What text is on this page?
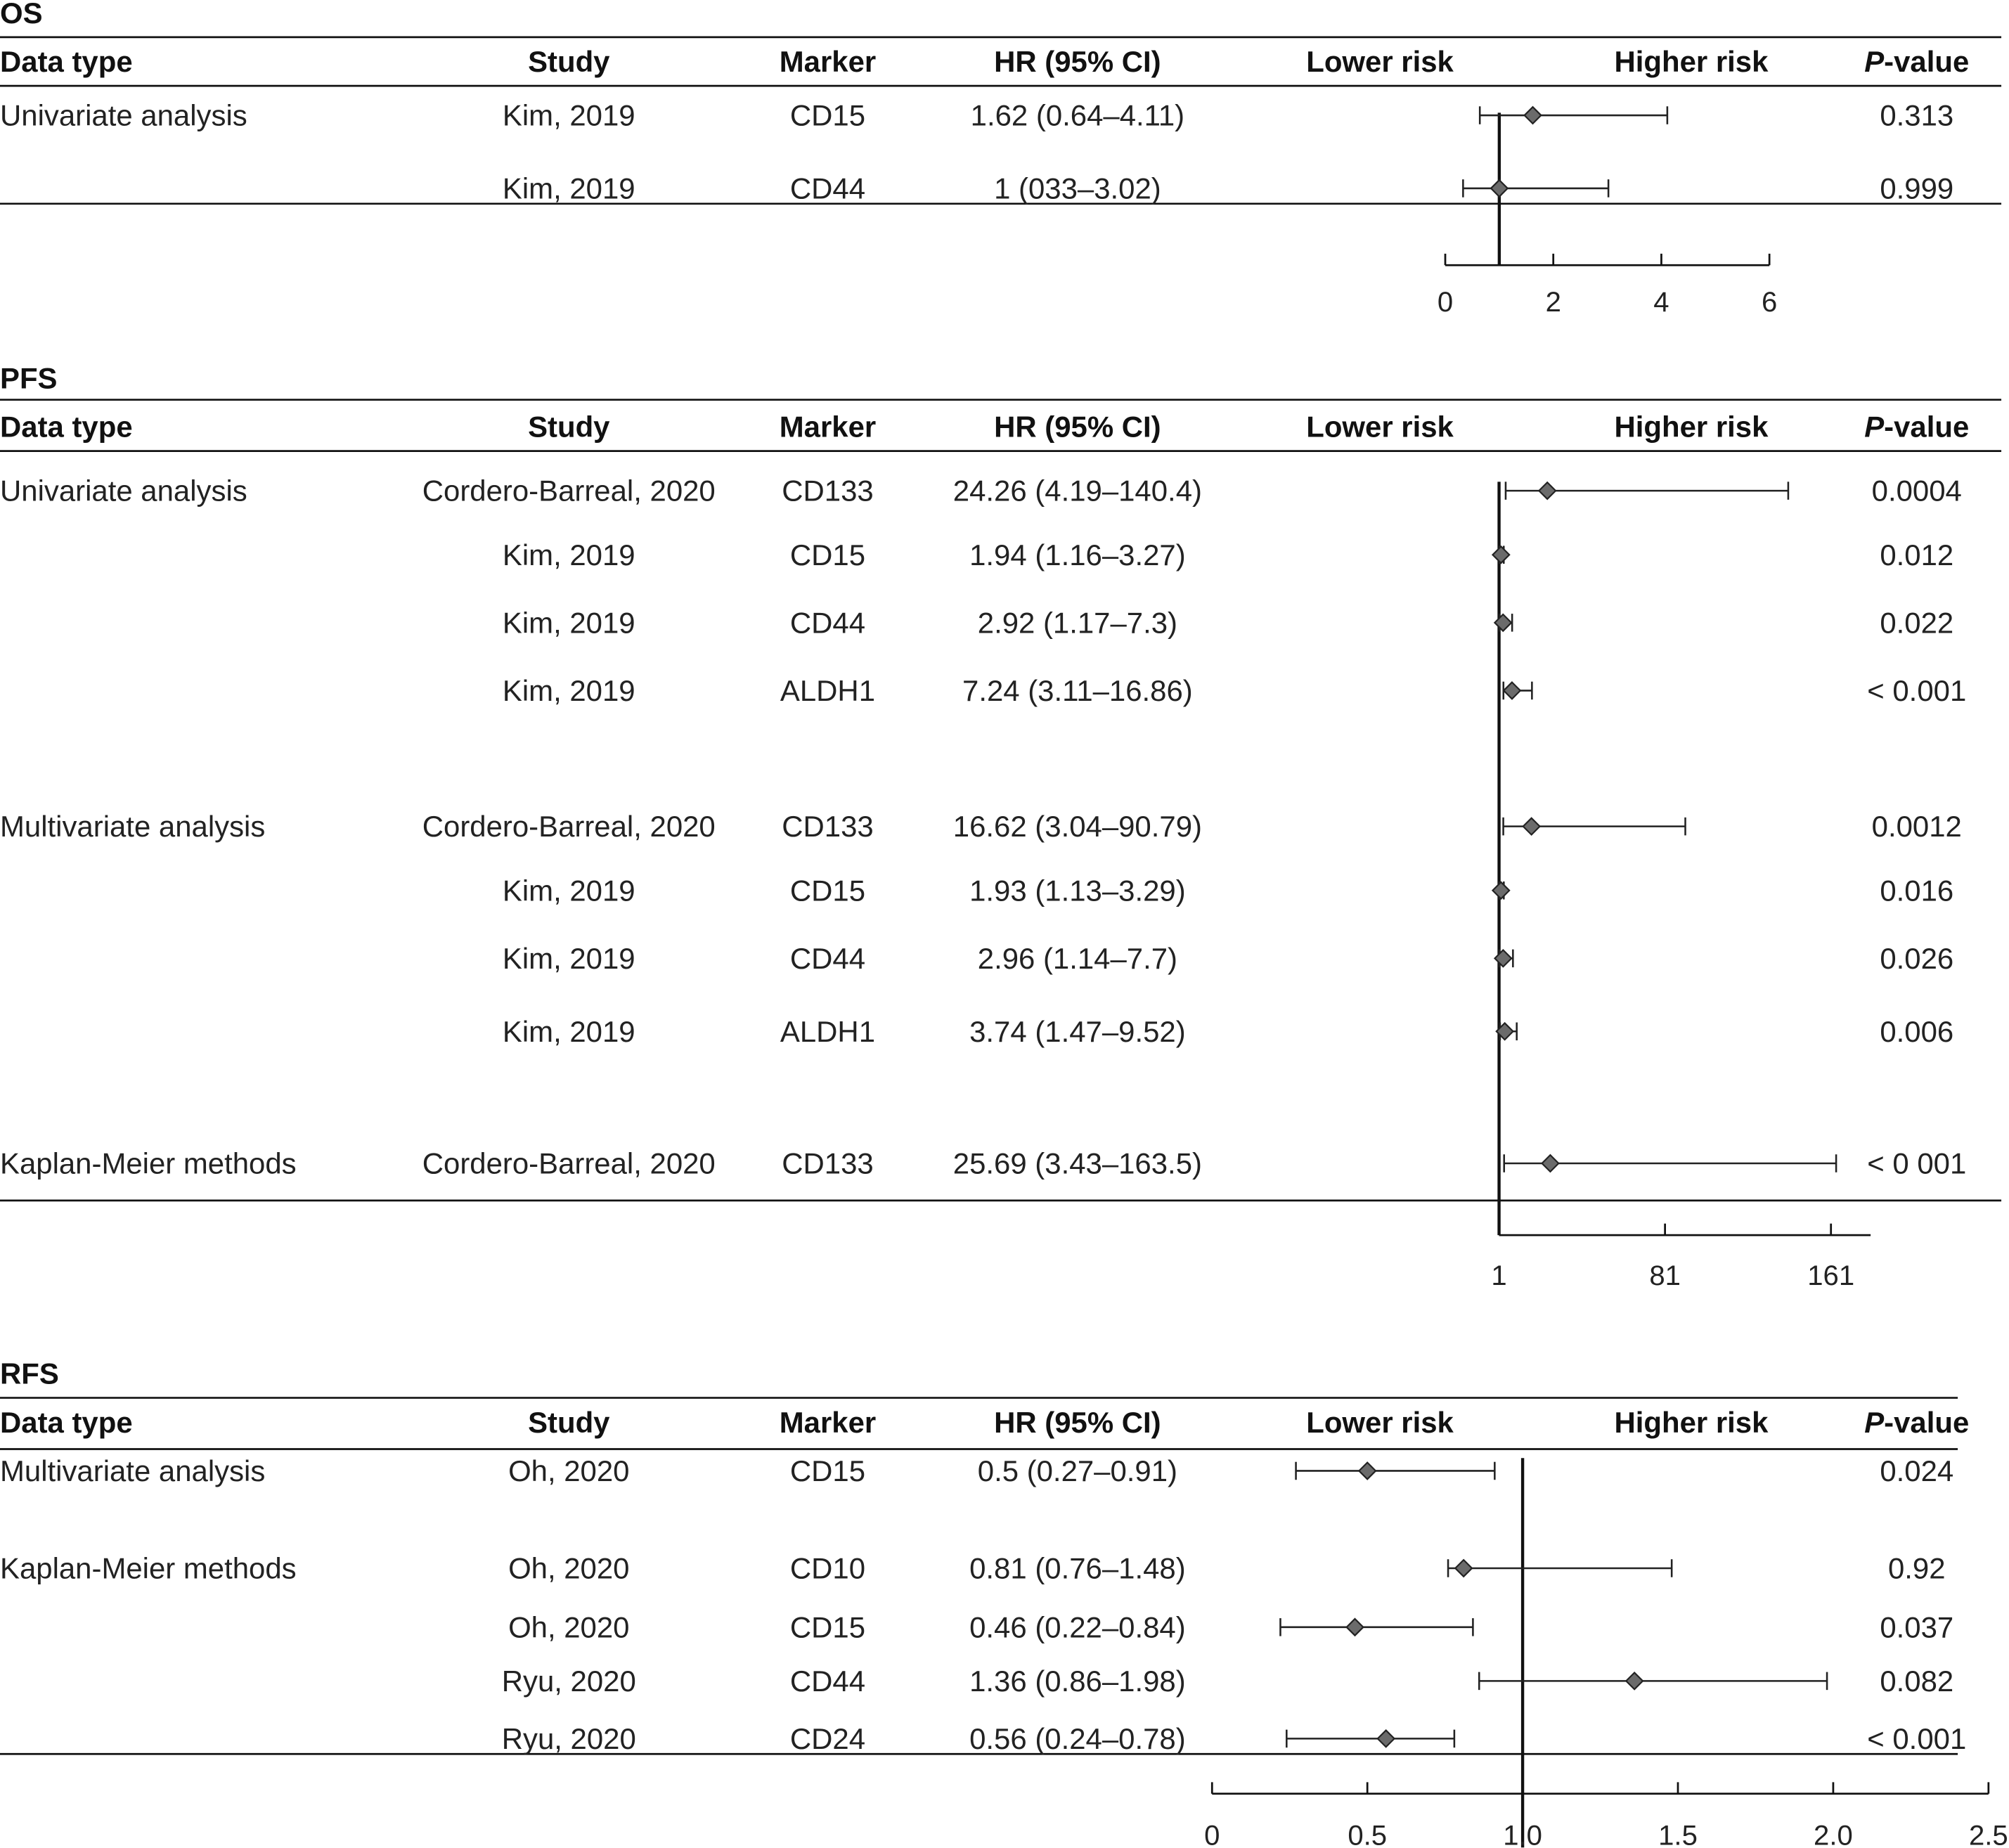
OS
Data type	Study	Marker	HR (95% CI)	Lower risk	Higher risk	P-value
0	2	4	6
Univariate analysis	Kim, 2019	CD15	1.62 (0.64–4.11)	0.313
Kim, 2019	CD44	1 (033–3.02)	0.999
PFS
Data type	Study	Marker	HR (95% CI)	Lower risk	Higher risk	P-value
1	81	161
Univariate analysis	Cordero-Barreal, 2020	CD133	24.26 (4.19–140.4)	0.0004
Kim, 2019	CD15	1.94 (1.16–3.27)	0.012
Kim, 2019	CD44	2.92 (1.17–7.3)	0.022
Kim, 2019	ALDH1	7.24 (3.11–16.86)	< 0.001
Multivariate analysis	Cordero-Barreal, 2020	CD133	16.62 (3.04–90.79)	0.0012
Kim, 2019	CD15	1.93 (1.13–3.29)	0.016
Kim, 2019	CD44	2.96 (1.14–7.7)	0.026
Kim, 2019	ALDH1	3.74 (1.47–9.52)	0.006
Kaplan-Meier methods	Cordero-Barreal, 2020	CD133	25.69 (3.43–163.5)	< 0 001
RFS
Data type	Study	Marker	HR (95% CI)	Lower risk	Higher risk	P-value
0	0.5	1.0	1.5	2.0	2.5
Multivariate analysis	Oh, 2020	CD15	0.5 (0.27–0.91)	0.024
Kaplan-Meier methods	Oh, 2020	CD10	0.81 (0.76–1.48)	0.92
Oh, 2020	CD15	0.46 (0.22–0.84)	0.037
Ryu, 2020	CD44	1.36 (0.86–1.98)	0.082
Ryu, 2020	CD24	0.56 (0.24–0.78)	< 0.001
